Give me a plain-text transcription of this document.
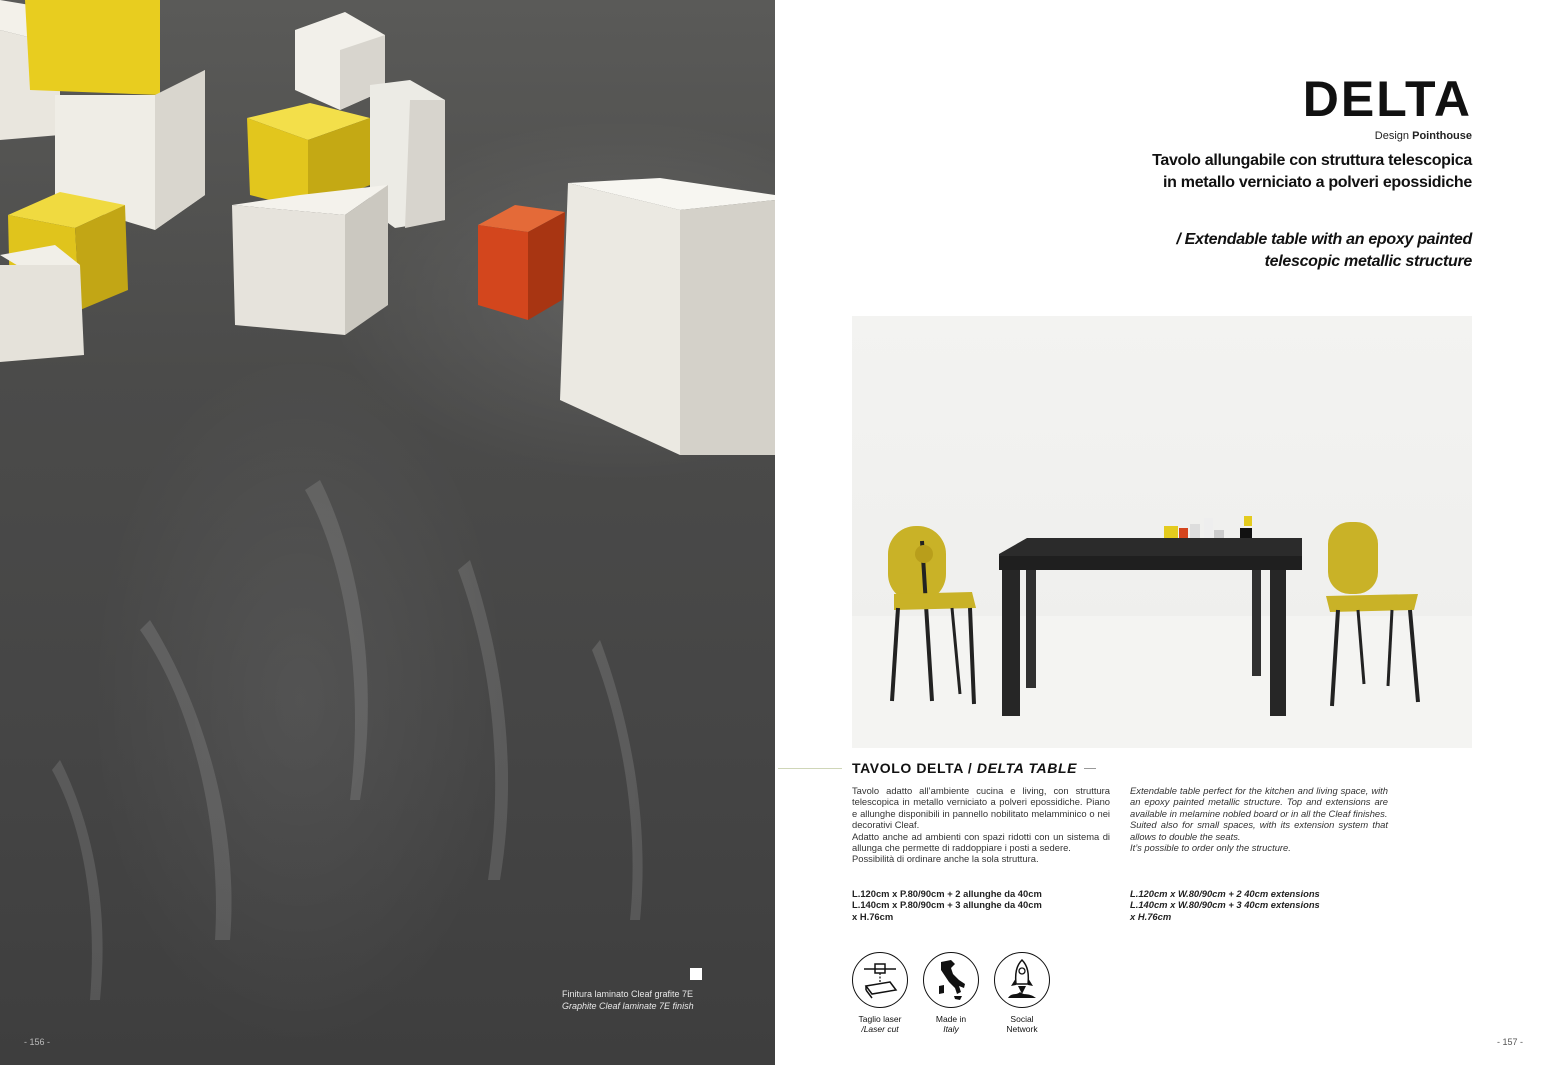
Finitura laminato Cleaf grafite 7E
Graphite Cleaf laminate 7E finish
- 156 -
DELTA
Design Pointhouse
Tavolo allungabile con struttura telescopica in metallo verniciato a polveri epossidiche
/ Extendable table with an epoxy painted telescopic metallic structure
TAVOLO DELTA / DELTA TABLE

Tavolo adatto all’ambiente cucina e living, con struttura telescopica in metallo verniciato a polveri epossidiche. Piano e allunghe disponibili in pannello nobilitato melamminico o nei decorativi Cleaf.

Adatto anche ad ambienti con spazi ridotti con un sistema di allunga che permette di raddoppiare i posti a sedere.

Possibilità di ordinare anche la sola struttura.

Extendable table perfect for the kitchen and living space, with an epoxy painted metallic structure. Top and extensions are available in melamine nobled board or in all the Cleaf finishes.

Suited also for small spaces, with its extension system that allows to double the seats.

It’s possible to order only the structure.

L.120cm x P.80/90cm + 2 allunghe da 40cm
L.140cm x P.80/90cm + 3 allunghe da 40cm
x H.76cm
L.120cm x W.80/90cm + 2 40cm extensions
L.140cm x W.80/90cm + 3 40cm extensions
x H.76cm
Taglio laser
/Laser cut
Made in
Italy
Social
Network
- 157 -
